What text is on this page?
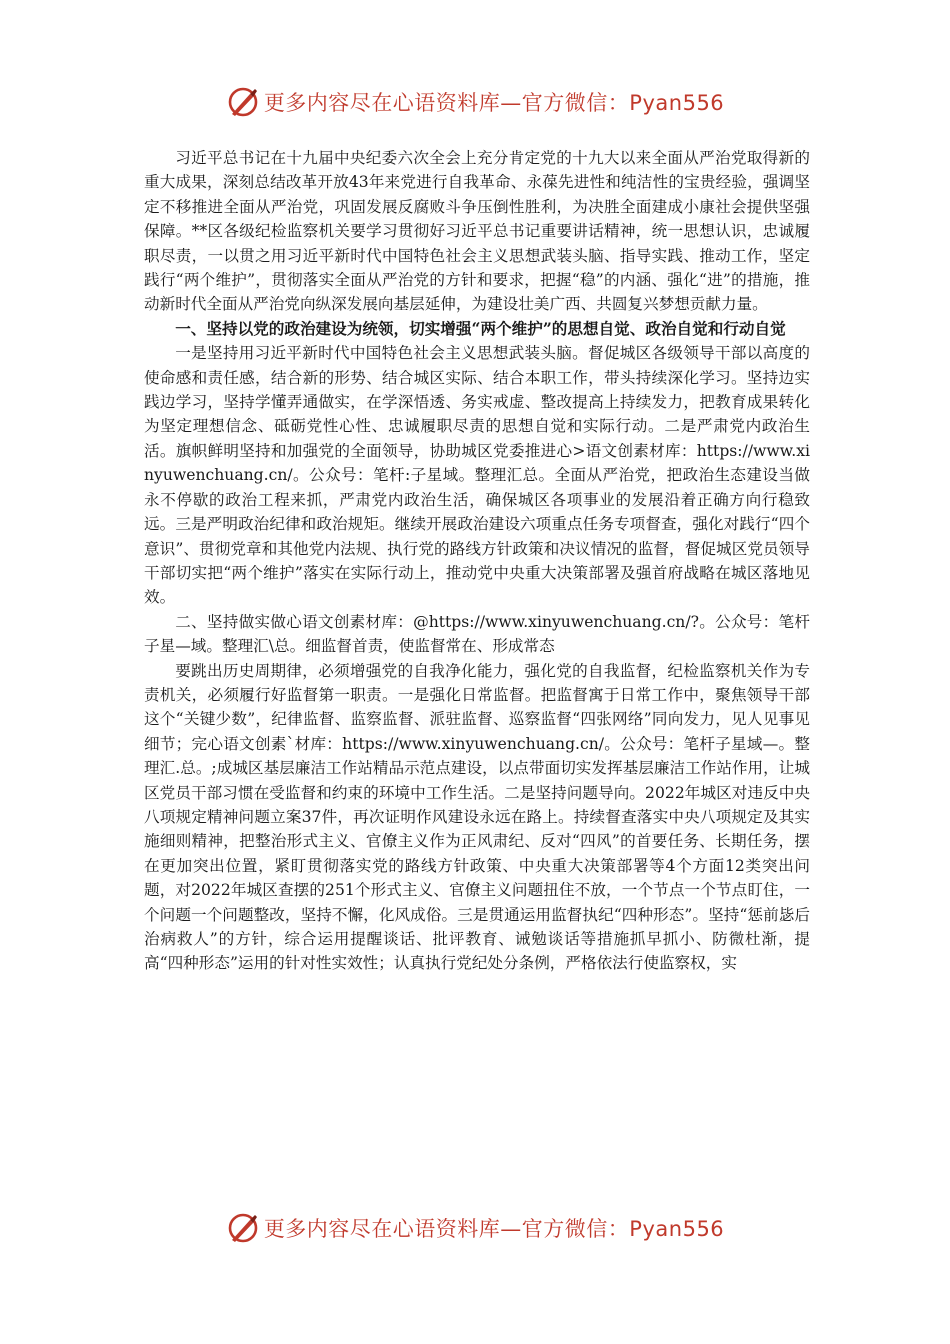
更多内容尽在心语资料库—官方微信：Pyan556

习近平总书记在十九届中央纪委六次全会上充分肯定党的十九大以来全面从严治党取得新的重大成果，深刻总结改革开放43年来党进行自我革命、永葆先进性和纯洁性的宝贵经验，强调坚定不移推进全面从严治党，巩固发展反腐败斗争压倒性胜利，为决胜全面建成小康社会提供坚强保障。**区各级纪检监察机关要学习贯彻好习近平总书记重要讲话精神，统一思想认识，忠诚履职尽责，一以贯之用习近平新时代中国特色社会主义思想武装头脑、指导实践、推动工作，坚定践行“两个维护”，贯彻落实全面从严治党的方针和要求，把握“稳”的内涵、强化“进”的措施，推动新时代全面从严治党向纵深发展向基层延伸，为建设壮美广西、共圆复兴梦想贡献力量。

一、坚持以党的政治建设为统领，切实增强“两个维护”的思想自觉、政治自觉和行动自觉

一是坚持用习近平新时代中国特色社会主义思想武装头脑。督促城区各级领导干部以高度的使命感和责任感，结合新的形势、结合城区实际、结合本职工作，带头持续深化学习。坚持边实践边学习，坚持学懂弄通做实，在学深悟透、务实戒虚、整改提高上持续发力，把教育成果转化为坚定理想信念、砥砺党性心性、忠诚履职尽责的思想自觉和实际行动。二是严肃党内政治生活。旗帜鲜明坚持和加强党的全面领导，协助城区党委推进心>语文创素材库：https://www.xinyuwenchuang.cn/。公众号：笔杆:子星域。整理汇总。全面从严治党，把政治生态建设当做永不停歇的政治工程来抓，严肃党内政治生活，确保城区各项事业的发展沿着正确方向行稳致远。三是严明政治纪律和政治规矩。继续开展政治建设六项重点任务专项督查，强化对践行“四个意识”、贯彻党章和其他党内法规、执行党的路线方针政策和决议情况的监督，督促城区党员领导干部切实把“两个维护”落实在实际行动上，推动党中央重大决策部署及强首府战略在城区落地见效。

二、坚持做实做心语文创素材库：@https://www.xinyuwenchuang.cn/?。公众号：笔杆子星—域。整理汇\总。细监督首责，使监督常在、形成常态

要跳出历史周期律，必须增强党的自我净化能力，强化党的自我监督，纪检监察机关作为专责机关，必须履行好监督第一职责。一是强化日常监督。把监督寓于日常工作中，聚焦领导干部这个“关键少数”，纪律监督、监察监督、派驻监督、巡察监督“四张网络”同向发力，见人见事见细节；完心语文创素`材库：https://www.xinyuwenchuang.cn/。公众号：笔杆子星域—。整理汇.总。;成城区基层廉洁工作站精品示范点建设，以点带面切实发挥基层廉洁工作站作用，让城区党员干部习惯在受监督和约束的环境中工作生活。二是坚持问题导向。2022年城区对违反中央八项规定精神问题立案37件，再次证明作风建设永远在路上。持续督查落实中央八项规定及其实施细则精神，把整治形式主义、官僚主义作为正风肃纪、反对“四风”的首要任务、长期任务，摆在更加突出位置，紧盯贯彻落实党的路线方针政策、中央重大决策部署等4个方面12类突出问题，对2022年城区查摆的251个形式主义、官僚主义问题扭住不放，一个节点一个节点盯住，一个问题一个问题整改，坚持不懈，化风成俗。三是贯通运用监督执纪“四种形态”。坚持“惩前毖后治病救人”的方针，综合运用提醒谈话、批评教育、诫勉谈话等措施抓早抓小、防微杜渐，提高“四种形态”运用的针对性实效性；认真执行党纪处分条例，严格依法行使监察权，实

更多内容尽在心语资料库—官方微信：Pyan556
